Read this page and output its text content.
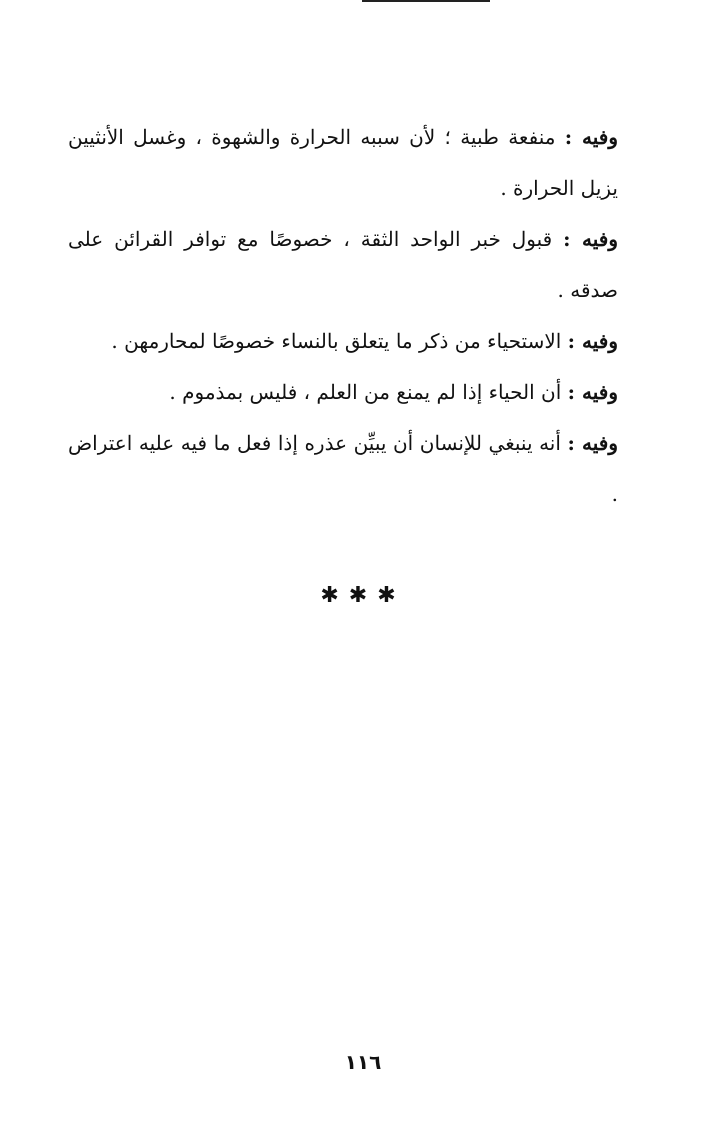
وفيه : منفعة طبية ؛ لأن سببه الحرارة والشهوة ، وغسل الأنثيين يزيل الحرارة .

وفيه : قبول خبر الواحد الثقة ، خصوصًا مع توافر القرائن على صدقه .

وفيه : الاستحياء من ذكر ما يتعلق بالنساء خصوصًا لمحارمهن .

وفيه : أن الحياء إذا لم يمنع من العلم ، فليس بمذموم .

وفيه : أنه ينبغي للإنسان أن يبيِّن عذره إذا فعل ما فيه عليه اعتراض .

✱✱✱
١١٦
